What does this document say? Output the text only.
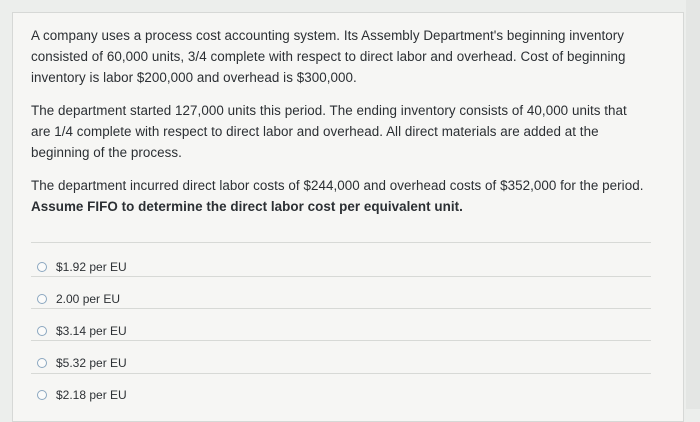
A company uses a process cost accounting system. Its Assembly Department's beginning inventory consisted of 60,000 units, 3/4 complete with respect to direct labor and overhead. Cost of beginning inventory is labor $200,000 and overhead is $300,000.

The department started 127,000 units this period. The ending inventory consists of 40,000 units that are 1/4 complete with respect to direct labor and overhead. All direct materials are added at the beginning of the process.

The department incurred direct labor costs of $244,000 and overhead costs of $352,000 for the period. Assume FIFO to determine the direct labor cost per equivalent unit.

$1.92 per EU
2.00 per EU
$3.14 per EU
$5.32 per EU
$2.18 per EU
